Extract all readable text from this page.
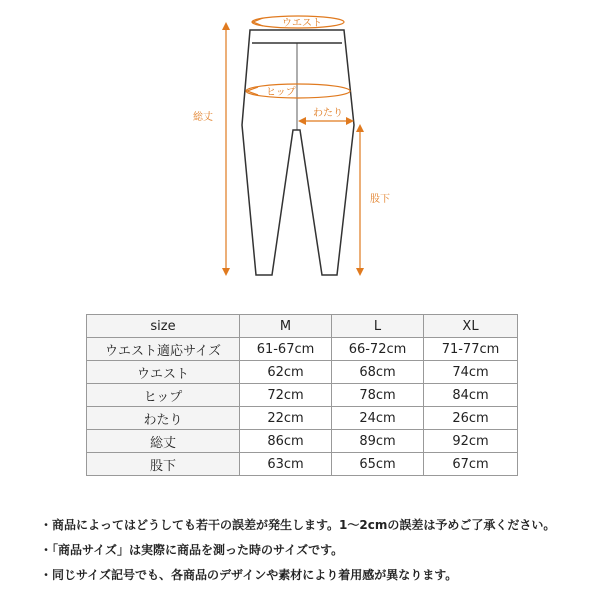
ウエスト
ヒップ
わたり
総丈
股下
size	M	L	XL
ウエスト適応サイズ	61-67cm	66-72cm	71-77cm
ウエスト	62cm	68cm	74cm
ヒップ	72cm	78cm	84cm
わたり	22cm	24cm	26cm
総丈	86cm	89cm	92cm
股下	63cm	65cm	67cm
・商品によってはどうしても若干の誤差が発生します。1〜2cmの誤差は予めご了承ください。
・「商品サイズ」は実際に商品を測った時のサイズです。
・同じサイズ記号でも、各商品のデザインや素材により着用感が異なります。
